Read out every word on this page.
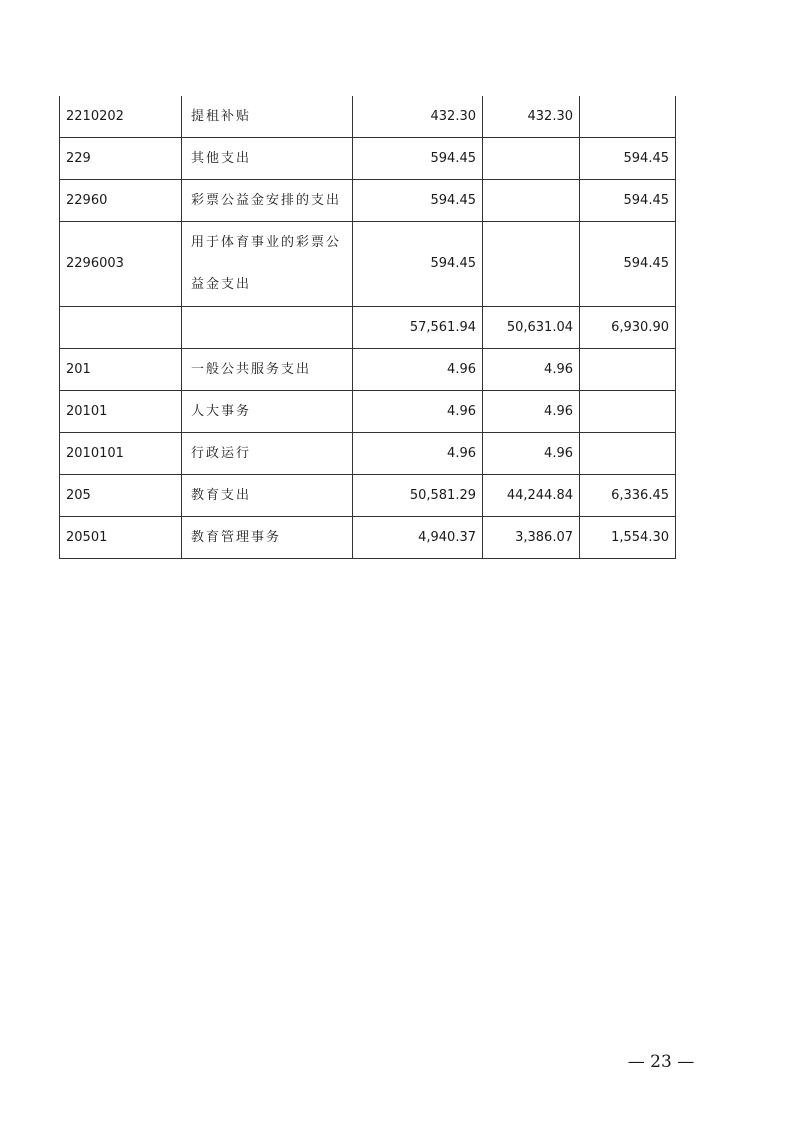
2210202	提租补贴	432.30	432.30	
229	其他支出	594.45		594.45
22960	彩票公益金安排的支出	594.45		594.45
2296003	用于体育事业的彩票公益金支出	594.45		594.45
		57,561.94	50,631.04	6,930.90
201	一般公共服务支出	4.96	4.96	
20101	人大事务	4.96	4.96	
2010101	行政运行	4.96	4.96	
205	教育支出	50,581.29	44,244.84	6,336.45
20501	教育管理事务	4,940.37	3,386.07	1,554.30
— 23 —
